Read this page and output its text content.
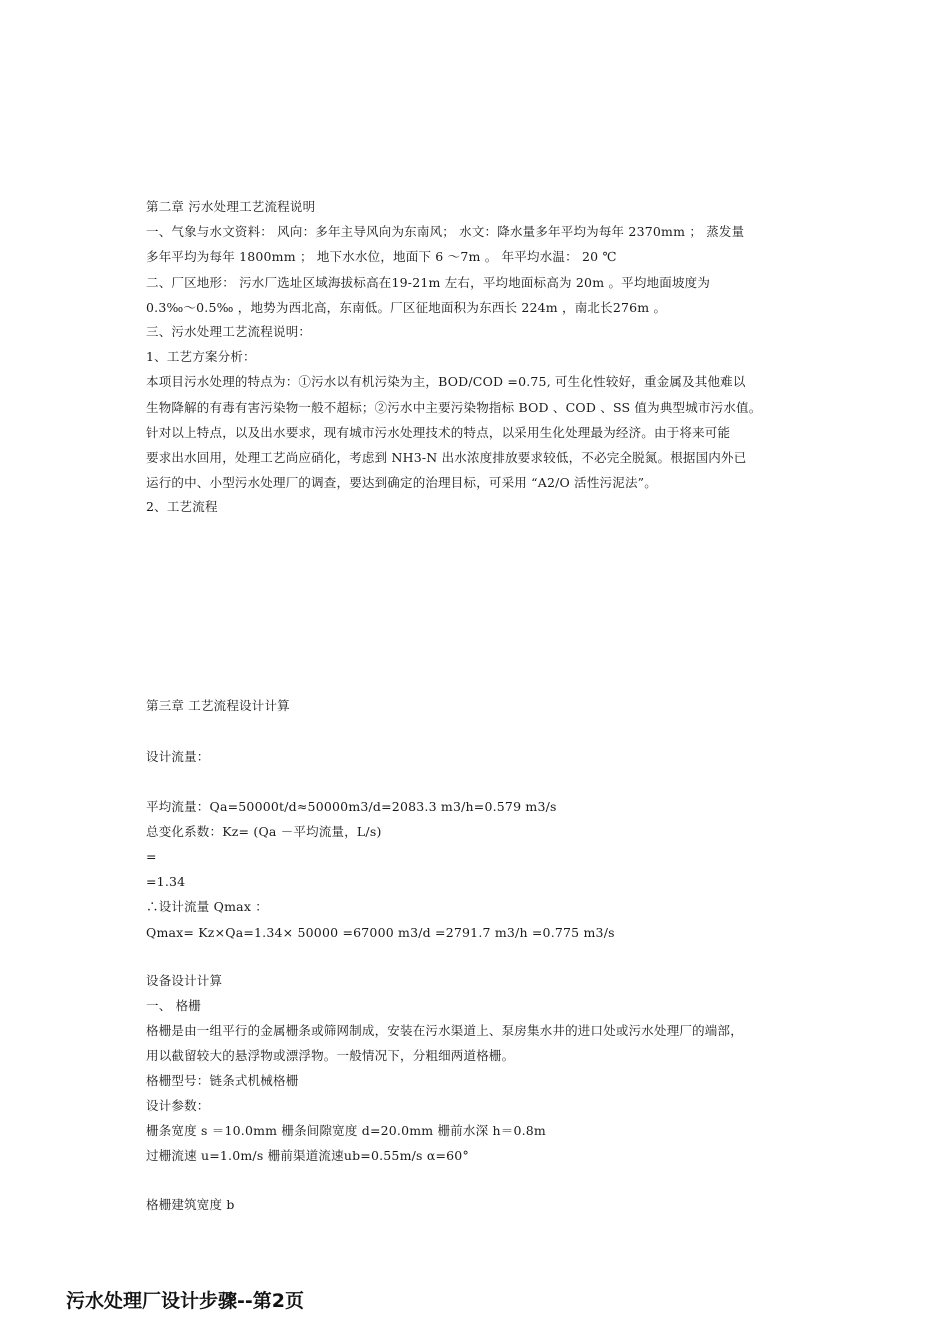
第二章 污水处理工艺流程说明
一、气象与水文资料： 风向：多年主导风向为东南风； 水文：降水量多年平均为每年 2370mm ； 蒸发量
多年平均为每年 1800mm ； 地下水水位，地面下 6 ～7m 。 年平均水温： 20 ℃
二、厂区地形： 污水厂选址区域海拔标高在19-21m 左右，平均地面标高为 20m 。平均地面坡度为
0.3‰～0.5‰ ，地势为西北高，东南低。厂区征地面积为东西长 224m ，南北长276m 。
三、污水处理工艺流程说明：
1、工艺方案分析：
本项目污水处理的特点为：①污水以有机污染为主，BOD/COD =0.75, 可生化性较好，重金属及其他难以
生物降解的有毒有害污染物一般不超标；②污水中主要污染物指标 BOD 、COD 、SS 值为典型城市污水值。
针对以上特点，以及出水要求，现有城市污水处理技术的特点，以采用生化处理最为经济。由于将来可能
要求出水回用，处理工艺尚应硝化，考虑到 NH3-N 出水浓度排放要求较低，不必完全脱氮。根据国内外已
运行的中、小型污水处理厂的调查，要达到确定的治理目标，可采用 “A2/O 活性污泥法”。
2、工艺流程
第三章 工艺流程设计计算
设计流量：
平均流量：Qa=50000t/d≈50000m3/d=2083.3 m3/h=0.579 m3/s
总变化系数：Kz= (Qa －平均流量，L/s)
=
=1.34
∴设计流量 Qmax ：
Qmax= Kz×Qa=1.34× 50000 =67000 m3/d =2791.7 m3/h =0.775 m3/s
设备设计计算
一、 格栅
格栅是由一组平行的金属栅条或筛网制成，安装在污水渠道上、泵房集水井的进口处或污水处理厂的端部，
用以截留较大的悬浮物或漂浮物。一般情况下，分粗细两道格栅。
格栅型号：链条式机械格栅
设计参数：
栅条宽度 s ＝10.0mm 栅条间隙宽度 d=20.0mm 栅前水深 h＝0.8m
过栅流速 u=1.0m/s 栅前渠道流速ub=0.55m/s α=60°
格栅建筑宽度 b
污水处理厂设计步骤--第2页
